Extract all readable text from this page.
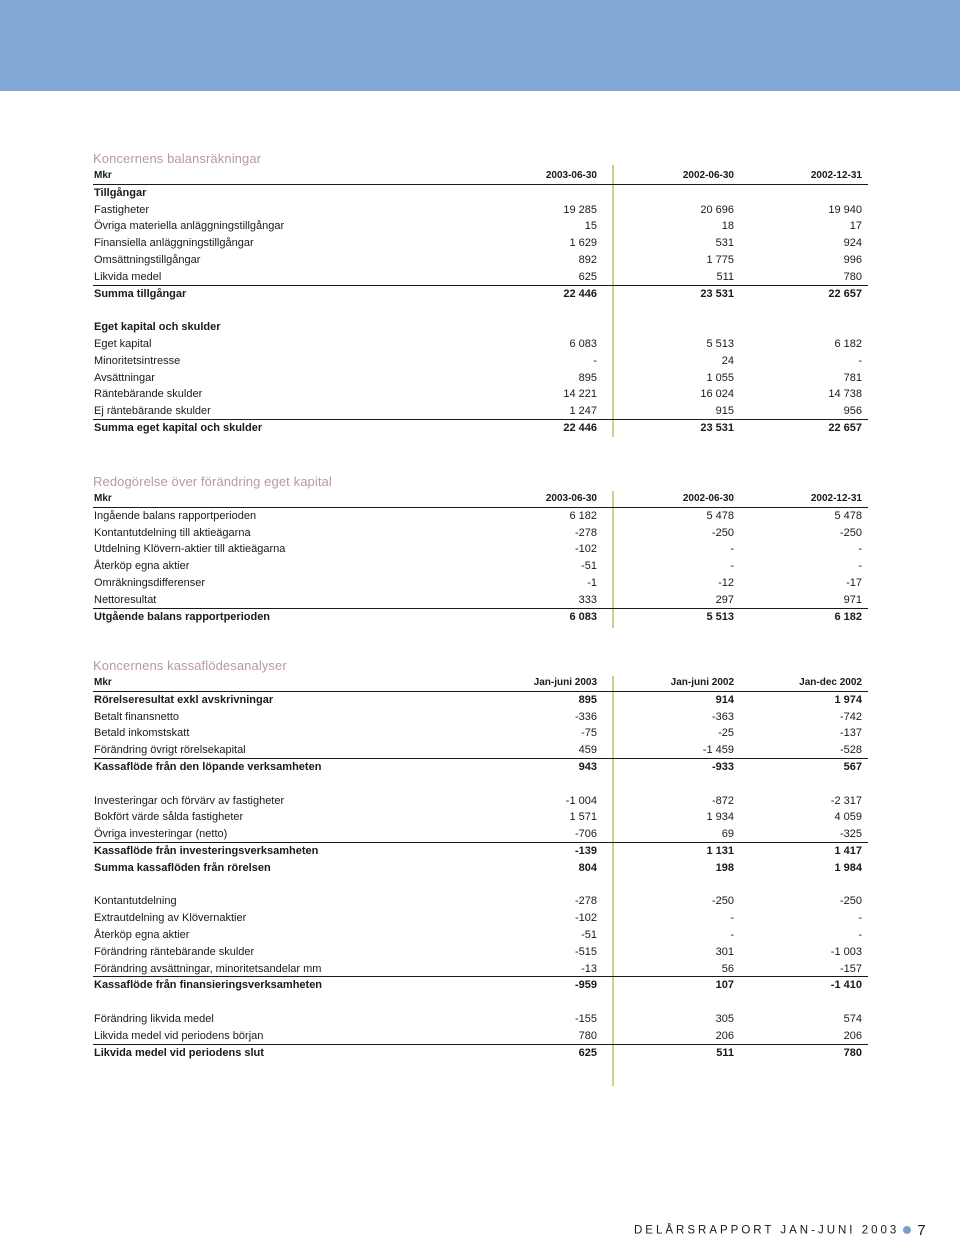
Koncernens balansräkningar
Mkr	2003-06-30	2002-06-30	2002-12-31
Tillgångar
Fastigheter	19 285	20 696	19 940
Övriga materiella anläggningstillgångar	15	18	17
Finansiella anläggningstillgångar	1 629	531	924
Omsättningstillgångar	892	1 775	996
Likvida medel	625	511	780
Summa tillgångar	22 446	23 531	22 657
Eget kapital och skulder
Eget kapital	6 083	5 513	6 182
Minoritetsintresse	-	24	-
Avsättningar	895	1 055	781
Räntebärande skulder	14 221	16 024	14 738
Ej räntebärande skulder	1 247	915	956
Summa eget kapital och skulder	22 446	23 531	22 657
Redogörelse över förändring eget kapital
Mkr	2003-06-30	2002-06-30	2002-12-31
Ingående balans rapportperioden	6 182	5 478	5 478
Kontantutdelning till aktieägarna	-278	-250	-250
Utdelning Klövern-aktier till aktieägarna	-102	-	-
Återköp egna aktier	-51	-	-
Omräkningsdifferenser	-1	-12	-17
Nettoresultat	333	297	971
Utgående balans rapportperioden	6 083	5 513	6 182
Koncernens kassaflödesanalyser
Mkr	Jan-juni 2003	Jan-juni 2002	Jan-dec 2002
Rörelseresultat exkl avskrivningar	895	914	1 974
Betalt finansnetto	-336	-363	-742
Betald inkomstskatt	-75	-25	-137
Förändring övrigt rörelsekapital	459	-1 459	-528
Kassaflöde från den löpande verksamheten	943	-933	567
Investeringar och förvärv av fastigheter	-1 004	-872	-2 317
Bokfört värde sålda fastigheter	1 571	1 934	4 059
Övriga investeringar (netto)	-706	69	-325
Kassaflöde från investeringsverksamheten	-139	1 131	1 417
Summa kassaflöden från rörelsen	804	198	1 984
Kontantutdelning	-278	-250	-250
Extrautdelning av Klövernaktier	-102	-	-
Återköp egna aktier	-51	-	-
Förändring räntebärande skulder	-515	301	-1 003
Förändring avsättningar, minoritetsandelar mm	-13	56	-157
Kassaflöde från finansieringsverksamheten	-959	107	-1 410
Förändring likvida medel	-155	305	574
Likvida medel vid periodens början	780	206	206
Likvida medel vid periodens slut	625	511	780
DELÅRSRAPPORT JAN-JUNI 2003 7
